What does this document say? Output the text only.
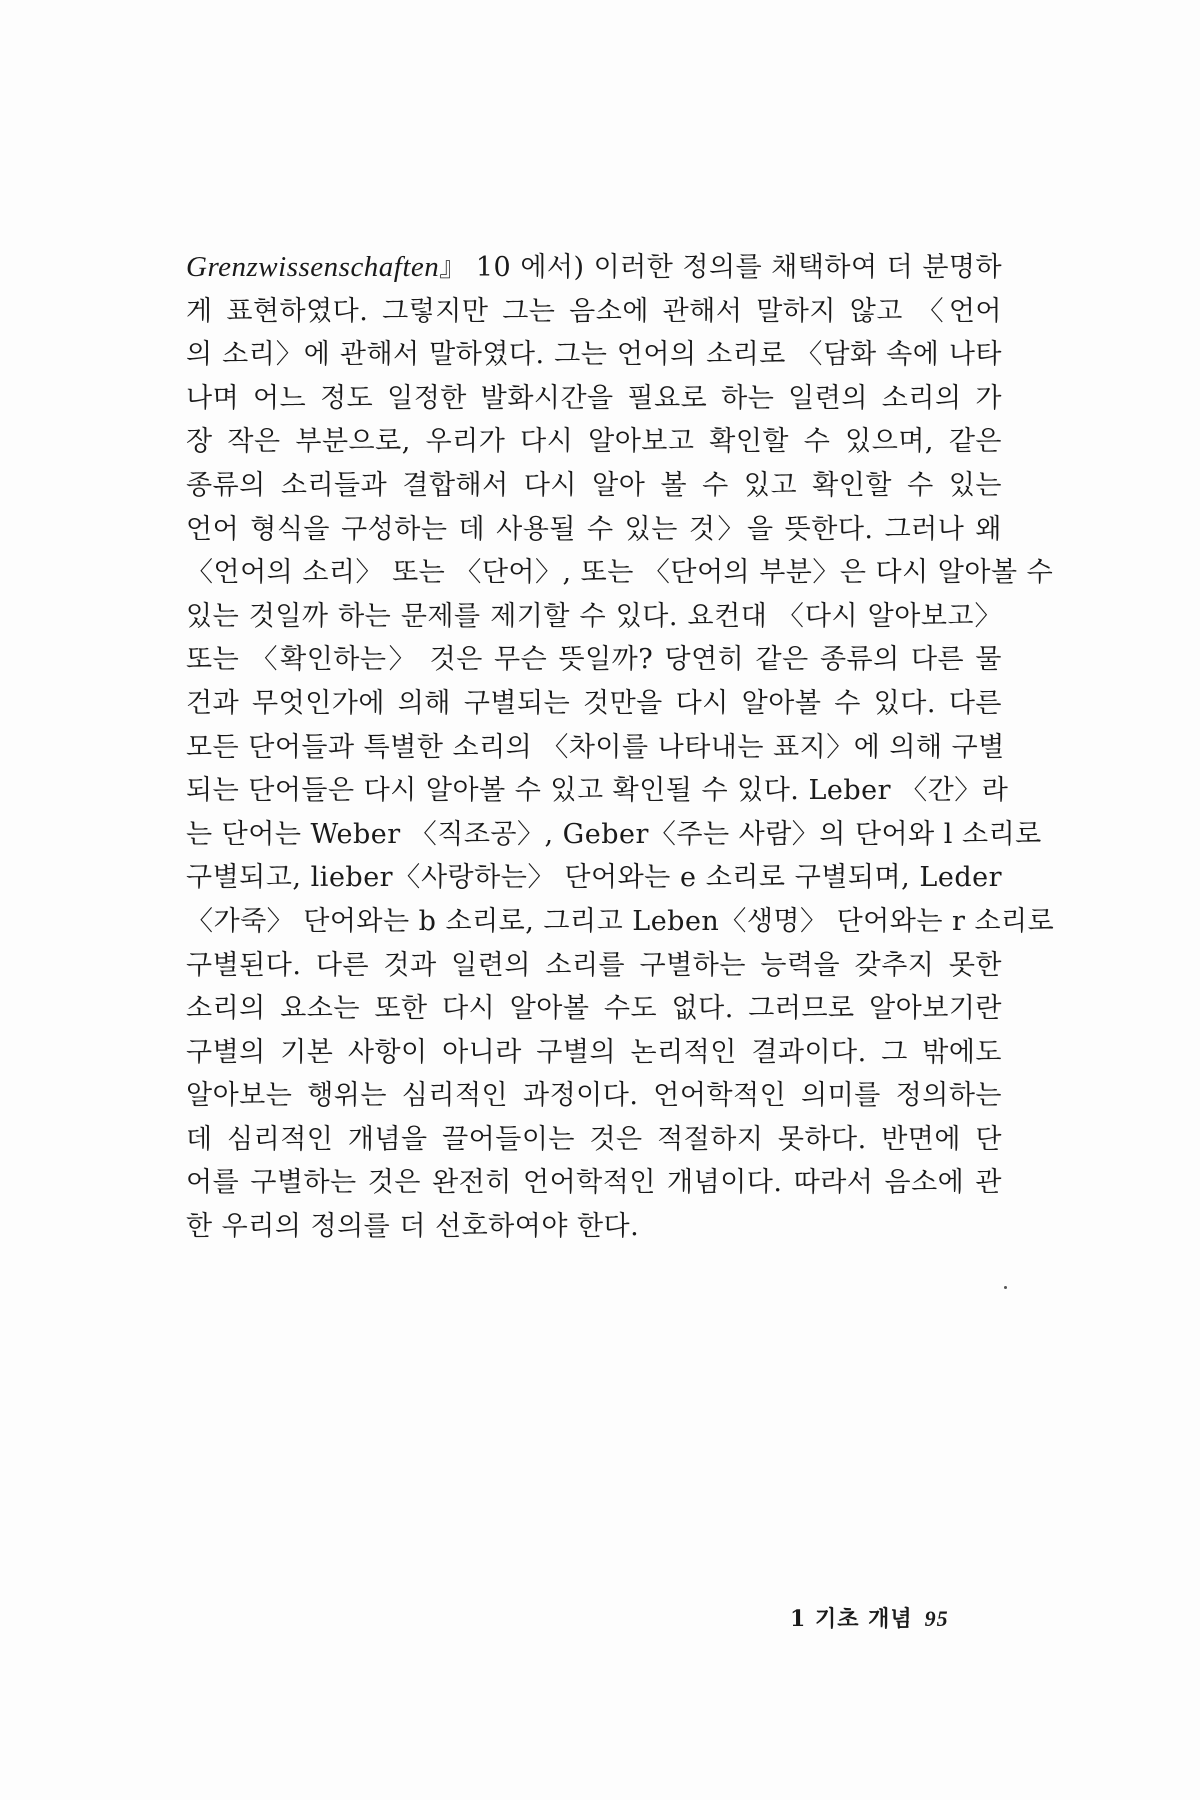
Grenzwissenschaften』 10 에서) 이러한 정의를 채택하여 더 분명하
게 표현하였다. 그렇지만 그는 음소에 관해서 말하지 않고 〈언어
의 소리〉에 관해서 말하였다. 그는 언어의 소리로 〈담화 속에 나타
나며 어느 정도 일정한 발화시간을 필요로 하는 일련의 소리의 가
장 작은 부분으로, 우리가 다시 알아보고 확인할 수 있으며, 같은
종류의 소리들과 결합해서 다시 알아 볼 수 있고 확인할 수 있는
언어 형식을 구성하는 데 사용될 수 있는 것〉을 뜻한다. 그러나 왜
〈언어의 소리〉 또는 〈단어〉, 또는 〈단어의 부분〉은 다시 알아볼 수
있는 것일까 하는 문제를 제기할 수 있다. 요컨대 〈다시 알아보고〉
또는 〈확인하는〉 것은 무슨 뜻일까? 당연히 같은 종류의 다른 물
건과 무엇인가에 의해 구별되는 것만을 다시 알아볼 수 있다. 다른
모든 단어들과 특별한 소리의 〈차이를 나타내는 표지〉에 의해 구별
되는 단어들은 다시 알아볼 수 있고 확인될 수 있다. Leber 〈간〉라
는 단어는 Weber 〈직조공〉, Geber〈주는 사람〉의 단어와 l 소리로
구별되고, lieber〈사랑하는〉 단어와는 e 소리로 구별되며, Leder
〈가죽〉 단어와는 b 소리로, 그리고 Leben〈생명〉 단어와는 r 소리로
구별된다. 다른 것과 일련의 소리를 구별하는 능력을 갖추지 못한
소리의 요소는 또한 다시 알아볼 수도 없다. 그러므로 알아보기란
구별의 기본 사항이 아니라 구별의 논리적인 결과이다. 그 밖에도
알아보는 행위는 심리적인 과정이다. 언어학적인 의미를 정의하는
데 심리적인 개념을 끌어들이는 것은 적절하지 못하다. 반면에 단
어를 구별하는 것은 완전히 언어학적인 개념이다. 따라서 음소에 관
한 우리의 정의를 더 선호하여야 한다.
1 기초 개념 95
